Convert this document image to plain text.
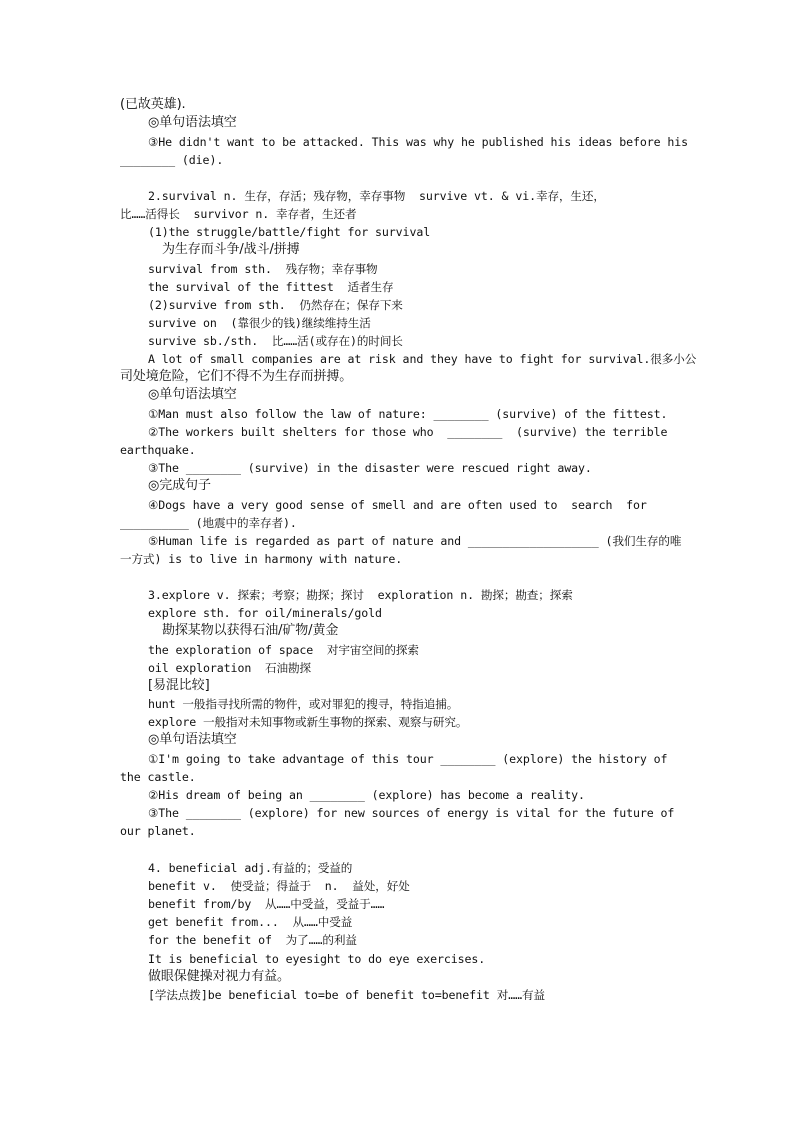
(已故英雄).
◎单句语法填空
③He didn't want to be attacked. This was why he published his ideas before his
________ (die).
2.survival n. 生存，存活；残存物，幸存事物  survive vt. & vi.幸存，生还，
比……活得长  survivor n. 幸存者，生还者
(1)the struggle/battle/fight for survival
为生存而斗争/战斗/拼搏
survival from sth.  残存物；幸存事物
the survival of the fittest  适者生存
(2)survive from sth.  仍然存在；保存下来
survive on  (靠很少的钱)继续维持生活
survive sb./sth.  比……活(或存在)的时间长
A lot of small companies are at risk and they have to fight for survival.很多小公
司处境危险，它们不得不为生存而拼搏。
◎单句语法填空
①Man must also follow the law of nature: ________ (survive) of the fittest.
②The workers built shelters for those who  ________  (survive) the terrible
earthquake.
③The ________ (survive) in the disaster were rescued right away.
◎完成句子
④Dogs have a very good sense of smell and are often used to  search  for
__________ (地震中的幸存者).
⑤Human life is regarded as part of nature and ___________________ (我们生存的唯
一方式) is to live in harmony with nature.
3.explore v. 探索；考察；勘探；探讨  exploration n. 勘探；勘查；探索
explore sth. for oil/minerals/gold
勘探某物以获得石油/矿物/黄金
the exploration of space  对宇宙空间的探索
oil exploration  石油勘探
[易混比较]
hunt 一般指寻找所需的物件，或对罪犯的搜寻，特指追捕。
explore 一般指对未知事物或新生事物的探索、观察与研究。
◎单句语法填空
①I'm going to take advantage of this tour ________ (explore) the history of
the castle.
②His dream of being an ________ (explore) has become a reality.
③The ________ (explore) for new sources of energy is vital for the future of
our planet.
4. beneficial adj.有益的；受益的
benefit v.  使受益；得益于  n.  益处，好处
benefit from/by  从……中受益，受益于……
get benefit from...  从……中受益
for the benefit of  为了……的利益
It is beneficial to eyesight to do eye exercises.
做眼保健操对视力有益。
[学法点拨]be beneficial to=be of benefit to=benefit 对……有益
